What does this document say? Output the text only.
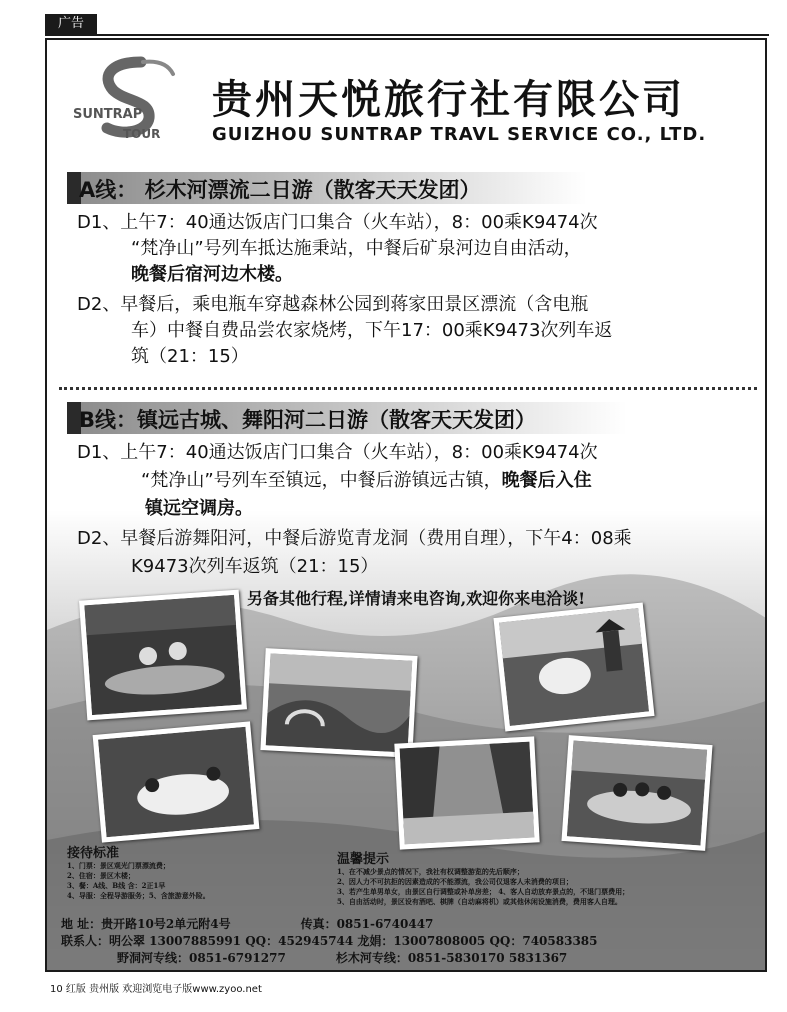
广告
SUNTRAP
TOUR
贵州天悦旅行社有限公司
GUIZHOU SUNTRAP TRAVL SERVICE CO., LTD.
A线： 杉木河漂流二日游（散客天天发团）
D1、上午7：40通达饭店门口集合（火车站），8：00乘K9474次
“梵净山”号列车抵达施秉站，中餐后矿泉河边自由活动，
晚餐后宿河边木楼。
D2、早餐后，乘电瓶车穿越森林公园到蒋家田景区漂流（含电瓶
车）中餐自费品尝农家烧烤，下午17：00乘K9473次列车返
筑（21：15）
B线：镇远古城、舞阳河二日游（散客天天发团）
D1、上午7：40通达饭店门口集合（火车站），8：00乘K9474次
“梵净山”号列车至镇远，中餐后游镇远古镇，晚餐后入住
镇远空调房。
D2、早餐后游舞阳河，中餐后游览青龙洞（费用自理），下午4：08乘
K9473次列车返筑（21：15）
另备其他行程,详情请来电咨询,欢迎你来电洽谈!
接待标准
1、门票：景区观光门票漂流费；
2、住宿：景区木楼；
3、餐：A线、B线 含：2正1早
4、导服：全程导游服务；5、含旅游意外险。
温馨提示
1、在不减少景点的情况下，我社有权调整游览的先后顺序；
2、因人力不可抗拒的因素造成的不能漂流，我公司仅退客人未消费的项目；
3、若产生单男单女，由景区自行调整或补单房差； 4、客人自动放弃景点的，不退门票费用；
5、自由活动时，景区设有酒吧、棋牌（自动麻将机）或其他休闲设施消费，费用客人自理。
地 址：贵开路10号2单元附4号	传真：0851-6740447
联系人：明公翠 13007885991 QQ：452945744 龙娟：13007808005 QQ：740583385
野洞河专线：0851-6791277	杉木河专线：0851-5830170 5831367
10 红版 贵州版 欢迎浏览电子版www.zyoo.net
